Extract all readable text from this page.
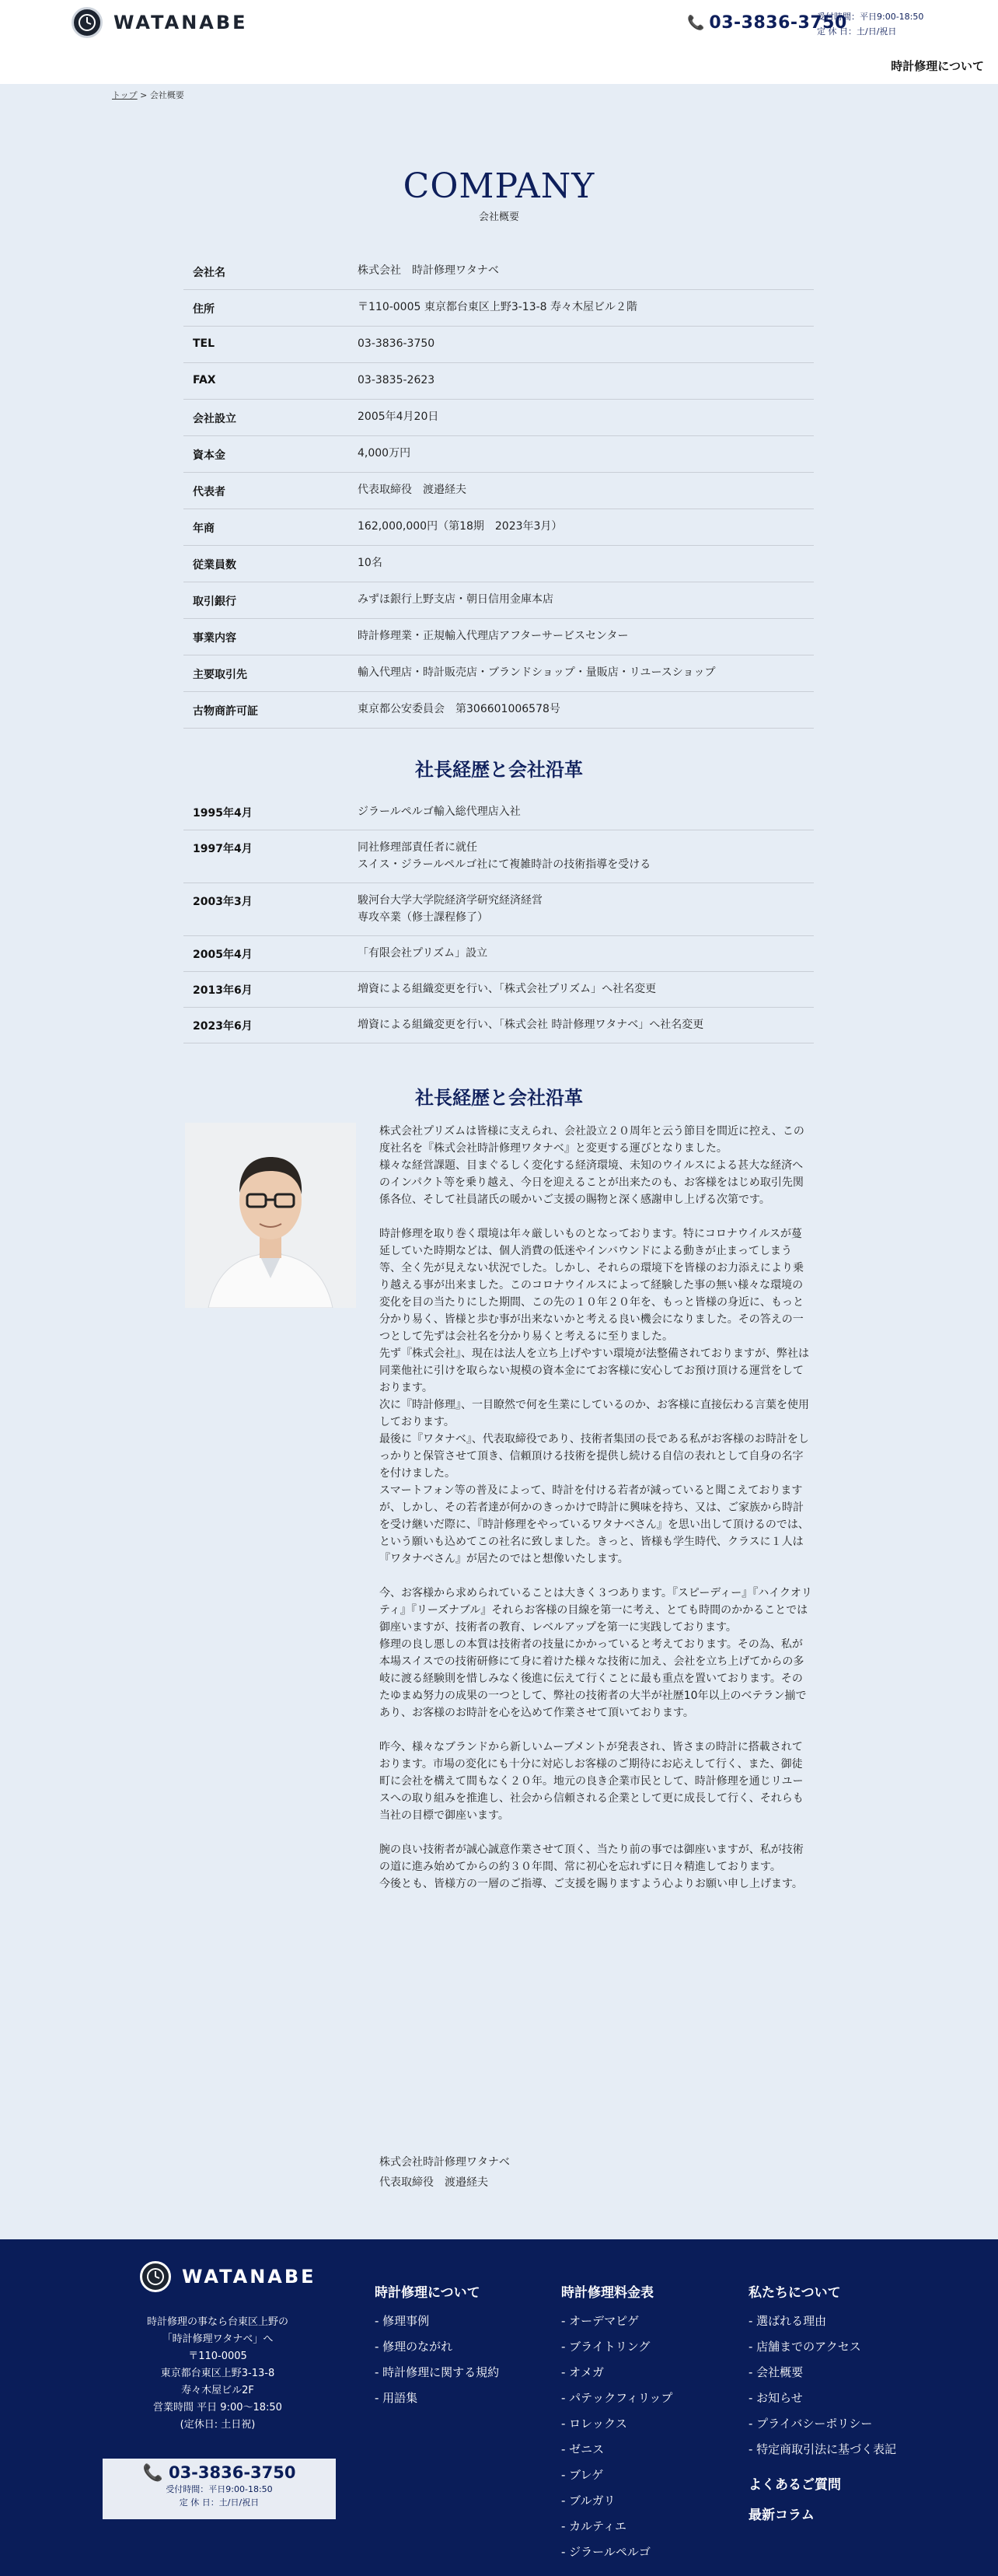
WATANABE	📞 03-3836-3750
受付時間：平日9:00-18:50
定 休 日：土/日/祝日
時計修理について
トップ > 会社概要
COMPANY
会社概要
会社名	株式会社　時計修理ワタナベ
住所	〒110-0005 東京都台東区上野3-13-8 寿々木屋ビル２階
TEL	03-3836-3750
FAX	03-3835-2623
会社設立	2005年4月20日
資本金	4,000万円
代表者	代表取締役　渡邉経夫
年商	162,000,000円（第18期　2023年3月）
従業員数	10名
取引銀行	みずほ銀行上野支店・朝日信用金庫本店
事業内容	時計修理業・正規輸入代理店アフターサービスセンター
主要取引先	輸入代理店・時計販売店・ブランドショップ・量販店・リユースショップ
古物商許可証	東京都公安委員会　第306601006578号
社長経歴と会社沿革
1995年4月	ジラールペルゴ輸入総代理店入社
1997年4月	同社修理部責任者に就任
スイス・ジラールペルゴ社にて複雑時計の技術指導を受ける
2003年3月	駿河台大学大学院経済学研究経済経営
専攻卒業（修士課程修了）
2005年4月	「有限会社プリズム」設立
2013年6月	増資による組織変更を行い、「株式会社プリズム」へ社名変更
2023年6月	増資による組織変更を行い、「株式会社 時計修理ワタナベ」へ社名変更
社長経歴と会社沿革

株式会社プリズムは皆様に支えられ、会社設立２０周年と云う節目を間近に控え、この度社名を『株式会社時計修理ワタナベ』と変更する運びとなりました。

様々な経営課題、目まぐるしく変化する経済環境、未知のウイルスによる甚大な経済へのインパクト等を乗り越え、今日を迎えることが出来たのも、お客様をはじめ取引先関係各位、そして社員諸氏の暖かいご支援の賜物と深く感謝申し上げる次第です。

時計修理を取り巻く環境は年々厳しいものとなっております。特にコロナウイルスが蔓延していた時期などは、個人消費の低迷やインバウンドによる動きが止まってしまう等、全く先が見えない状況でした。しかし、それらの環境下を皆様のお力添えにより乗り越える事が出来ました。このコロナウイルスによって経験した事の無い様々な環境の変化を目の当たりにした期間、この先の１０年２０年を、もっと皆様の身近に、もっと分かり易く、皆様と歩む事が出来ないかと考える良い機会になりました。その答えの一つとして先ずは会社名を分かり易くと考えるに至りました。

先ず『株式会社』、現在は法人を立ち上げやすい環境が法整備されておりますが、弊社は同業他社に引けを取らない規模の資本金にてお客様に安心してお預け頂ける運営をしております。

次に『時計修理』、一目瞭然で何を生業にしているのか、お客様に直接伝わる言葉を使用しております。

最後に『ワタナベ』、代表取締役であり、技術者集団の長である私がお客様のお時計をしっかりと保管させて頂き、信頼頂ける技術を提供し続ける自信の表れとして自身の名字を付けました。

スマートフォン等の普及によって、時計を付ける若者が減っていると聞こえておりますが、しかし、その若者達が何かのきっかけで時計に興味を持ち、又は、ご家族から時計を受け継いだ際に、『時計修理をやっているワタナベさん』を思い出して頂けるのでは、という願いも込めてこの社名に致しました。きっと、皆様も学生時代、クラスに１人は『ワタナベさん』が居たのではと想像いたします。

今、お客様から求められていることは大きく３つあります。『スピーディー』『ハイクオリティ』『リーズナブル』それらお客様の目線を第一に考え、とても時間のかかることでは御座いますが、技術者の教育、レベルアップを第一に実践しております。

修理の良し悪しの本質は技術者の技量にかかっていると考えております。その為、私が本場スイスでの技術研修にて身に着けた様々な技術に加え、会社を立ち上げてからの多岐に渡る経験則を惜しみなく後進に伝えて行くことに最も重点を置いております。そのたゆまぬ努力の成果の一つとして、弊社の技術者の大半が社歴10年以上のベテラン揃であり、お客様のお時計を心を込めて作業させて頂いております。

昨今、様々なブランドから新しいムーブメントが発表され、皆さまの時計に搭載されております。市場の変化にも十分に対応しお客様のご期待にお応えして行く、また、御徒町に会社を構えて間もなく２０年。地元の良き企業市民として、時計修理を通じリユースへの取り組みを推進し、社会から信頼される企業として更に成長して行く、それらも当社の目標で御座います。

腕の良い技術者が誠心誠意作業させて頂く、当たり前の事では御座いますが、私が技術の道に進み始めてからの約３０年間、常に初心を忘れずに日々精進しております。

今後とも、皆様方の一層のご指導、ご支援を賜りますよう心よりお願い申し上げます。

株式会社時計修理ワタナベ
代表取締役　渡邉経夫
WATANABE
時計修理の事なら台東区上野の
「時計修理ワタナベ」へ
〒110-0005
東京都台東区上野3-13-8
寿々木屋ビル2F
営業時間 平日 9:00～18:50
(定休日: 土日祝)
📞 03-3836-3750
受付時間：平日9:00-18:50
定 休 日：土/日/祝日
時計修理について
- 修理事例
- 修理のながれ
- 時計修理に関する規約
- 用語集
時計修理料金表
- オーデマピゲ
- ブライトリング
- オメガ
- パテックフィリップ
- ロレックス
- ゼニス
- ブレゲ
- ブルガリ
- カルティエ
- ジラールペルゴ
私たちについて
- 選ばれる理由
- 店舗までのアクセス
- 会社概要
- お知らせ
- プライバシーポリシー
- 特定商取引法に基づく表記
よくあるご質問
最新コラム
